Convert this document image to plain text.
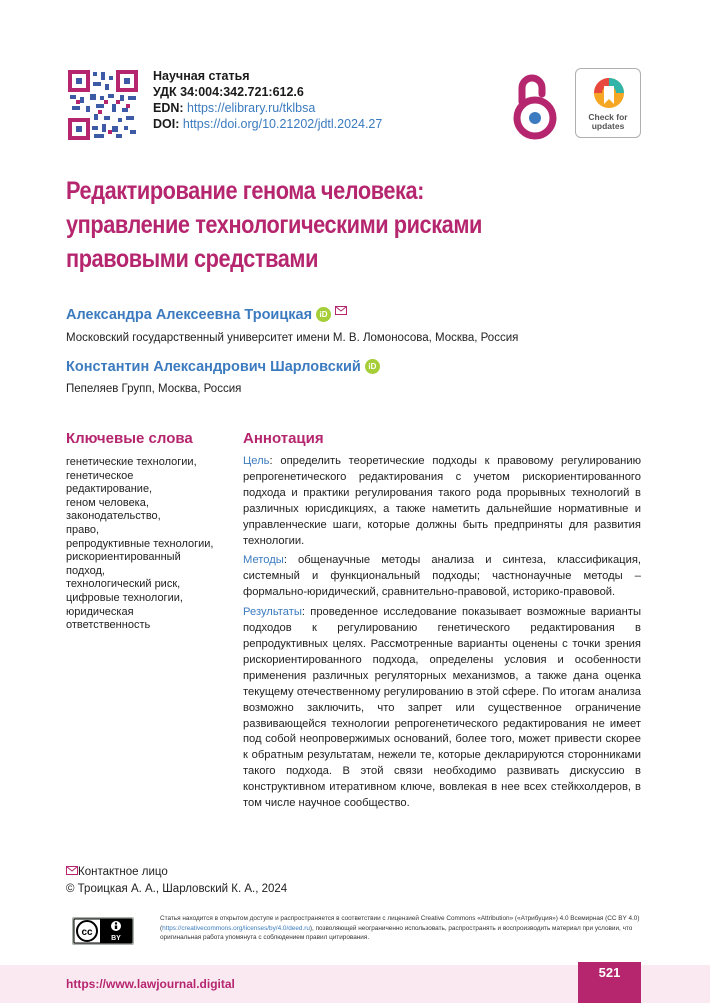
Научная статья
УДК 34:004:342.721:612.6
EDN: https://elibrary.ru/tklbsa
DOI: https://doi.org/10.21202/jdtl.2024.27	Check for
updates
Редактирование генома человека:
управление технологическими рисками
правовыми средствами
Александра Алексеевна Троицкая iD
Московский государственный университет имени М. В. Ломоносова, Москва, Россия
Константин Александрович Шарловский iD
Пепеляев Групп, Москва, Россия
Ключевые слова
генетические технологии,
генетическое
редактирование,
геном человека,
законодательство,
право,
репродуктивные технологии,
рискориентированный
подход,
технологический риск,
цифровые технологии,
юридическая
ответственность
Аннотация

Цель: определить теоретические подходы к правовому регулированию репрогенетического редактирования с учетом рискориентированного подхода и практики регулирования такого рода прорывных технологий в различных юрисдикциях, а также наметить дальнейшие нормативные и управленческие шаги, которые должны быть предприняты для развития технологии.

Методы: общенаучные методы анализа и синтеза, классификация, системный и функциональный подходы; частнонаучные методы – формально-юридический, сравнительно-правовой, историко-правовой.

Результаты: проведенное исследование показывает возможные варианты подходов к регулированию генетического редактирования в репродуктивных целях. Рассмотренные варианты оценены с точки зрения рискориентированного подхода, определены условия и особенности применения различных регуляторных механизмов, а также дана оценка текущему отечественному регулированию в этой сфере. По итогам анализа возможно заключить, что запрет или существенное ограничение развивающейся технологии репрогенетического редактирования не имеет под собой неопровержимых оснований, более того, может привести скорее к обратным результатам, нежели те, которые декларируются сторонниками такого подхода. В этой связи необходимо развивать дискуссию в конструктивном итеративном ключе, вовлекая в нее всех стейкхолдеров, в том числе научное сообщество.

Контактное лицо
© Троицкая А. А., Шарловский К. А., 2024
cc
BY
Статья находится в открытом доступе и распространяется в соответствии с лицензией Creative Commons «Attribution» («Атрибуция») 4.0 Всемирная (CC BY 4.0) (https://creativecommons.org/licenses/by/4.0/deed.ru), позволяющей неограниченно использовать, распространять и воспроизводить материал при условии, что оригинальная работа упомянута с соблюдением правил цитирования.
https://www.lawjournal.digital
521
